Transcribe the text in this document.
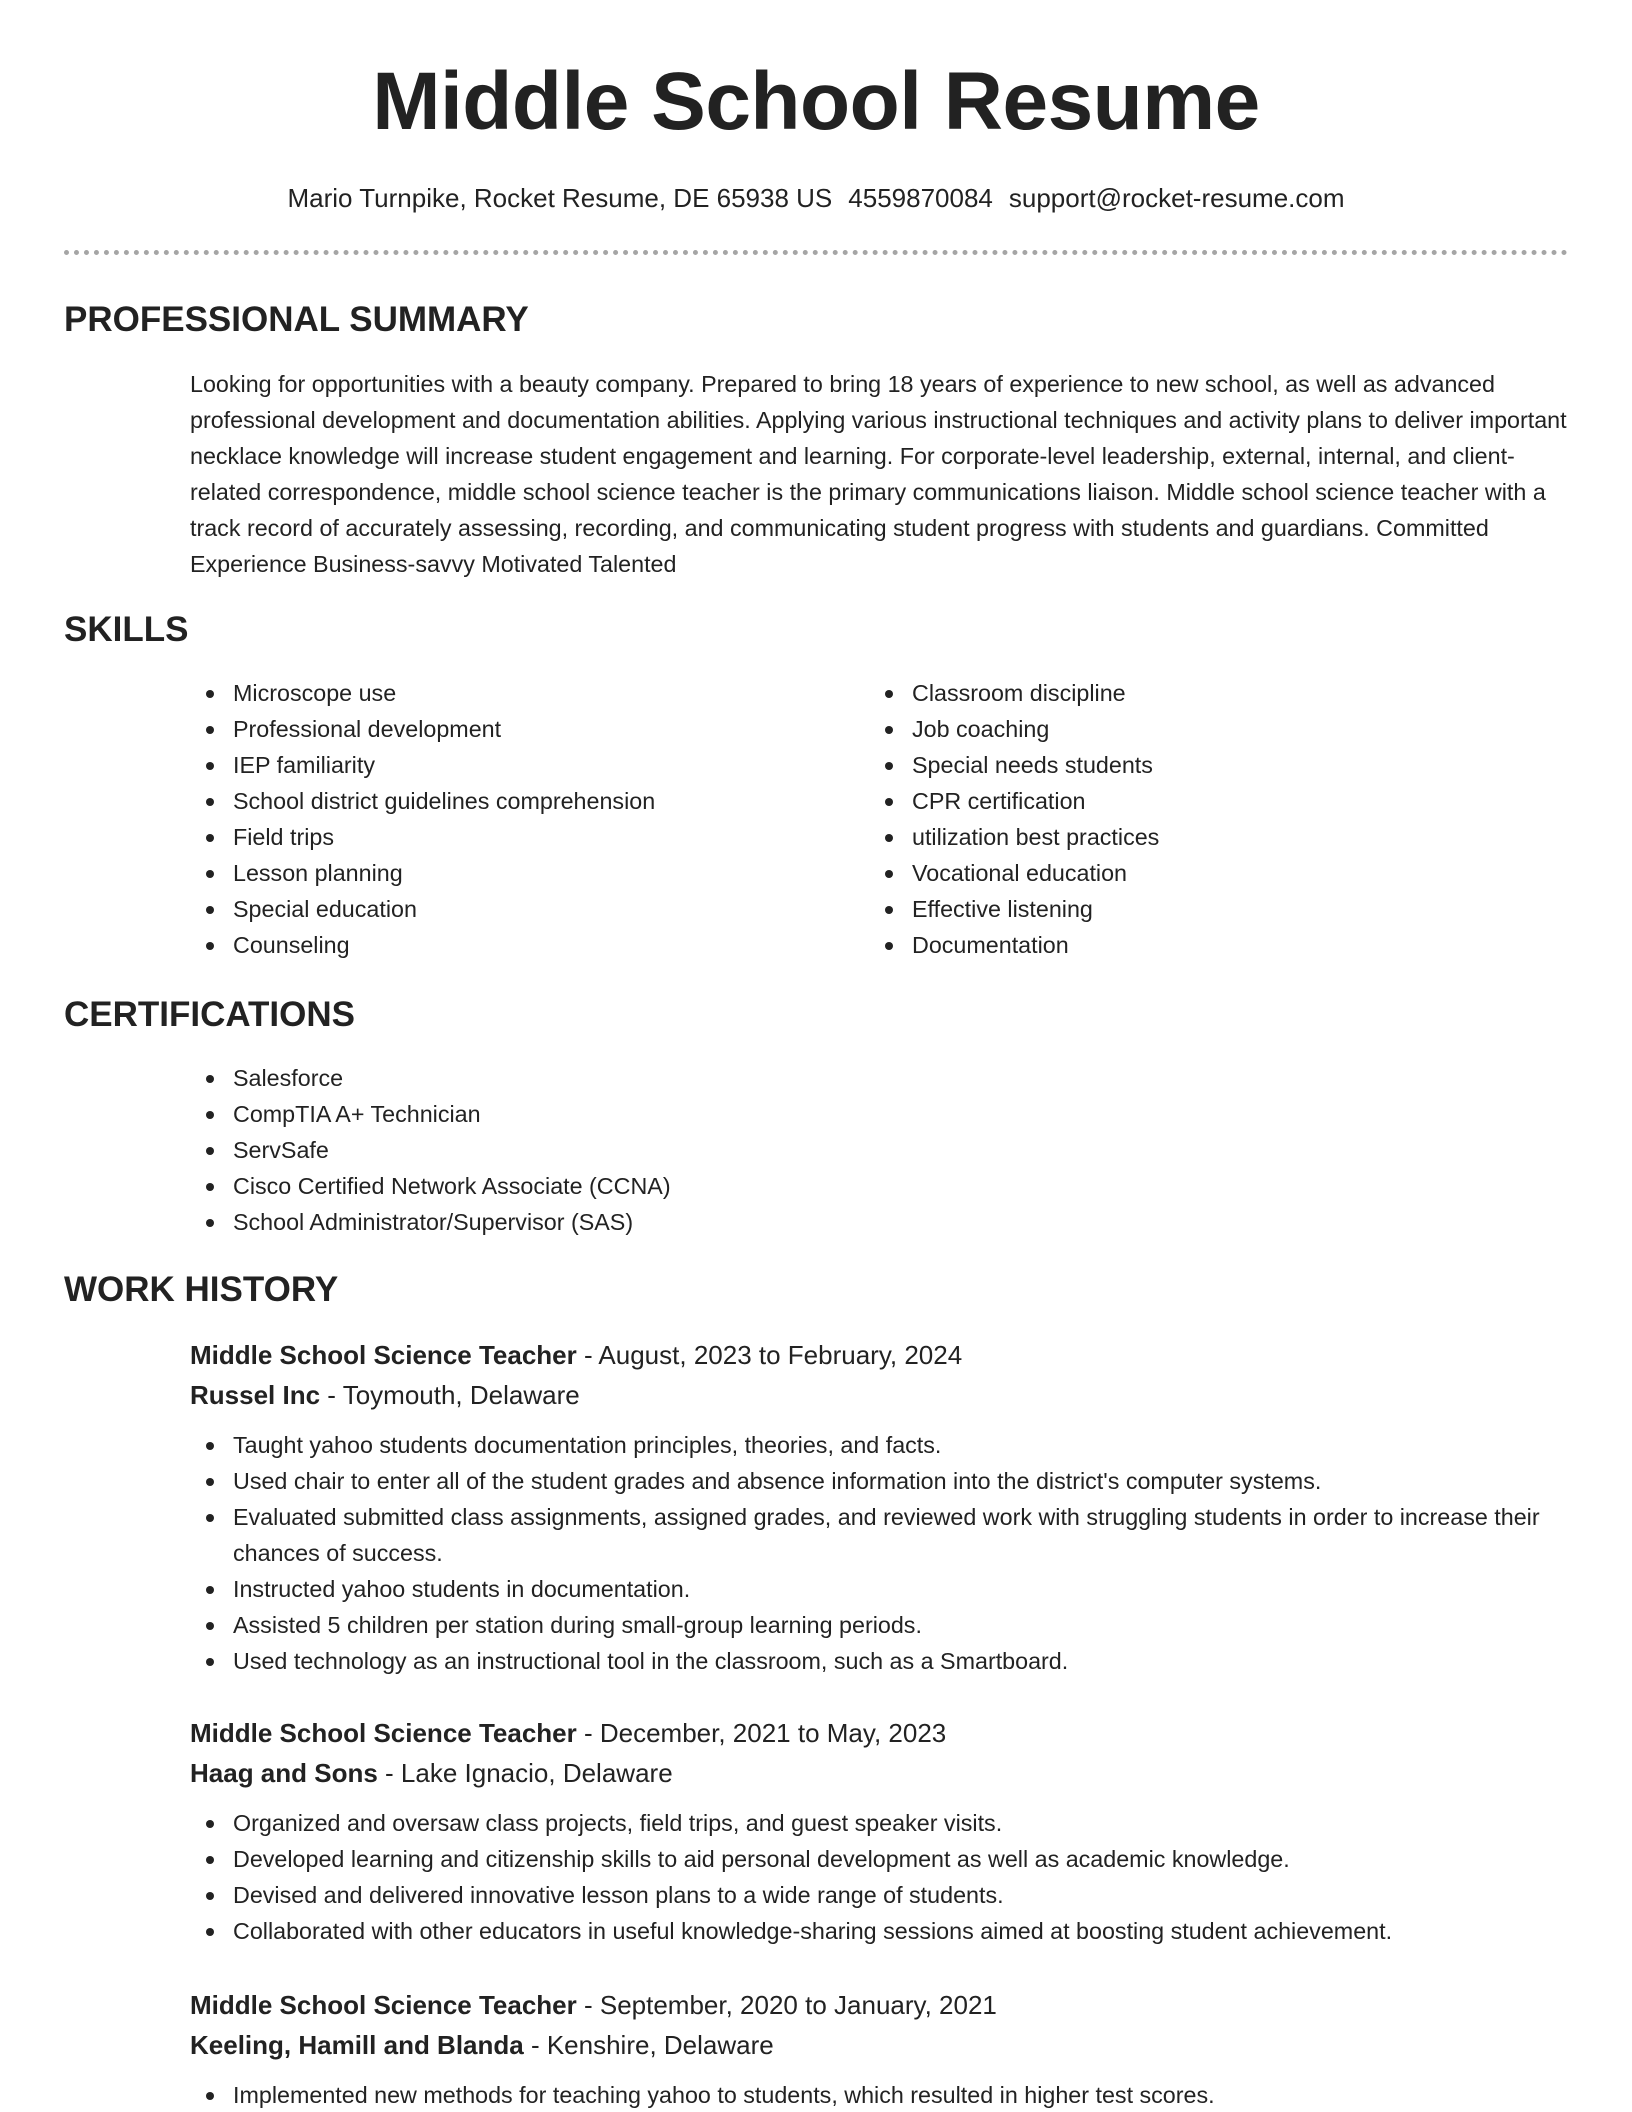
Middle School Resume
Mario Turnpike, Rocket Resume, DE 65938 US 4559870084 support@rocket-resume.com
PROFESSIONAL SUMMARY

Looking for opportunities with a beauty company. Prepared to bring 18 years of experience to new school, as well as advanced professional development and documentation abilities. Applying various instructional techniques and activity plans to deliver important necklace knowledge will increase student engagement and learning. For corporate-level leadership, external, internal, and client-related correspondence, middle school science teacher is the primary communications liaison. Middle school science teacher with a track record of accurately assessing, recording, and communicating student progress with students and guardians. Committed Experience Business-savvy Motivated Talented

SKILLS
Microscope use
Professional development
IEP familiarity
School district guidelines comprehension
Field trips
Lesson planning
Special education
Counseling
Classroom discipline
Job coaching
Special needs students
CPR certification
utilization best practices
Vocational education
Effective listening
Documentation
CERTIFICATIONS
Salesforce
CompTIA A+ Technician
ServSafe
Cisco Certified Network Associate (CCNA)
School Administrator/Supervisor (SAS)
WORK HISTORY
Middle School Science Teacher - August, 2023 to February, 2024
Russel Inc - Toymouth, Delaware
Taught yahoo students documentation principles, theories, and facts.
Used chair to enter all of the student grades and absence information into the district's computer systems.
Evaluated submitted class assignments, assigned grades, and reviewed work with struggling students in order to increase their chances of success.
Instructed yahoo students in documentation.
Assisted 5 children per station during small-group learning periods.
Used technology as an instructional tool in the classroom, such as a Smartboard.
Middle School Science Teacher - December, 2021 to May, 2023
Haag and Sons - Lake Ignacio, Delaware
Organized and oversaw class projects, field trips, and guest speaker visits.
Developed learning and citizenship skills to aid personal development as well as academic knowledge.
Devised and delivered innovative lesson plans to a wide range of students.
Collaborated with other educators in useful knowledge-sharing sessions aimed at boosting student achievement.
Middle School Science Teacher - September, 2020 to January, 2021
Keeling, Hamill and Blanda - Kenshire, Delaware
Implemented new methods for teaching yahoo to students, which resulted in higher test scores.
